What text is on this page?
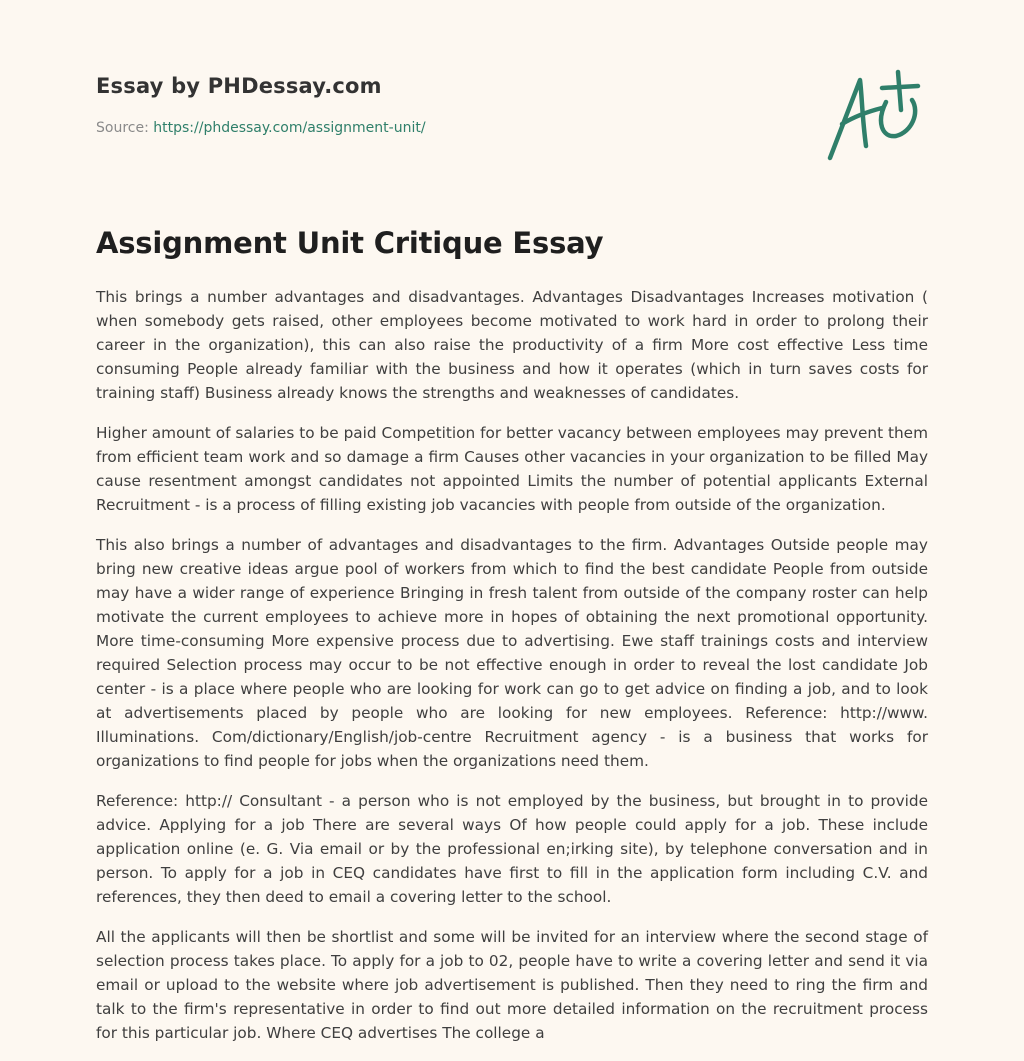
Essay by PHDessay.com
Source: https://phdessay.com/assignment-unit/
Assignment Unit Critique Essay

This brings a number advantages and disadvantages. Advantages Disadvantages Increases motivation ( when somebody gets raised, other employees become motivated to work hard in order to prolong their career in the organization), this can also raise the productivity of a firm More cost effective Less time consuming People already familiar with the business and how it operates (which in turn saves costs for training staff) Business already knows the strengths and weaknesses of candidates.

Higher amount of salaries to be paid Competition for better vacancy between employees may prevent them from efficient team work and so damage a firm Causes other vacancies in your organization to be filled May cause resentment amongst candidates not appointed Limits the number of potential applicants External Recruitment - is a process of filling existing job vacancies with people from outside of the organization.

This also brings a number of advantages and disadvantages to the firm. Advantages Outside people may bring new creative ideas argue pool of workers from which to find the best candidate People from outside may have a wider range of experience Bringing in fresh talent from outside of the company roster can help motivate the current employees to achieve more in hopes of obtaining the next promotional opportunity. More time-consuming More expensive process due to advertising. Ewe staff trainings costs and interview required Selection process may occur to be not effective enough in order to reveal the lost candidate Job center - is a place where people who are looking for work can go to get advice on finding a job, and to look at advertisements placed by people who are looking for new employees. Reference: http://www. Illuminations. Com/dictionary/English/job-centre Recruitment agency - is a business that works for organizations to find people for jobs when the organizations need them.

Reference: http:// Consultant - a person who is not employed by the business, but brought in to provide advice. Applying for a job There are several ways Of how people could apply for a job. These include application online (e. G. Via email or by the professional en;irking site), by telephone conversation and in person. To apply for a job in CEQ candidates have first to fill in the application form including C.V. and references, they then deed to email a covering letter to the school.

All the applicants will then be shortlist and some will be invited for an interview where the second stage of selection process takes place. To apply for a job to 02, people have to write a covering letter and send it via email or upload to the website where job advertisement is published. Then they need to ring the firm and talk to the firm's representative in order to find out more detailed information on the recruitment process for this particular job. Where CEQ advertises The college a
